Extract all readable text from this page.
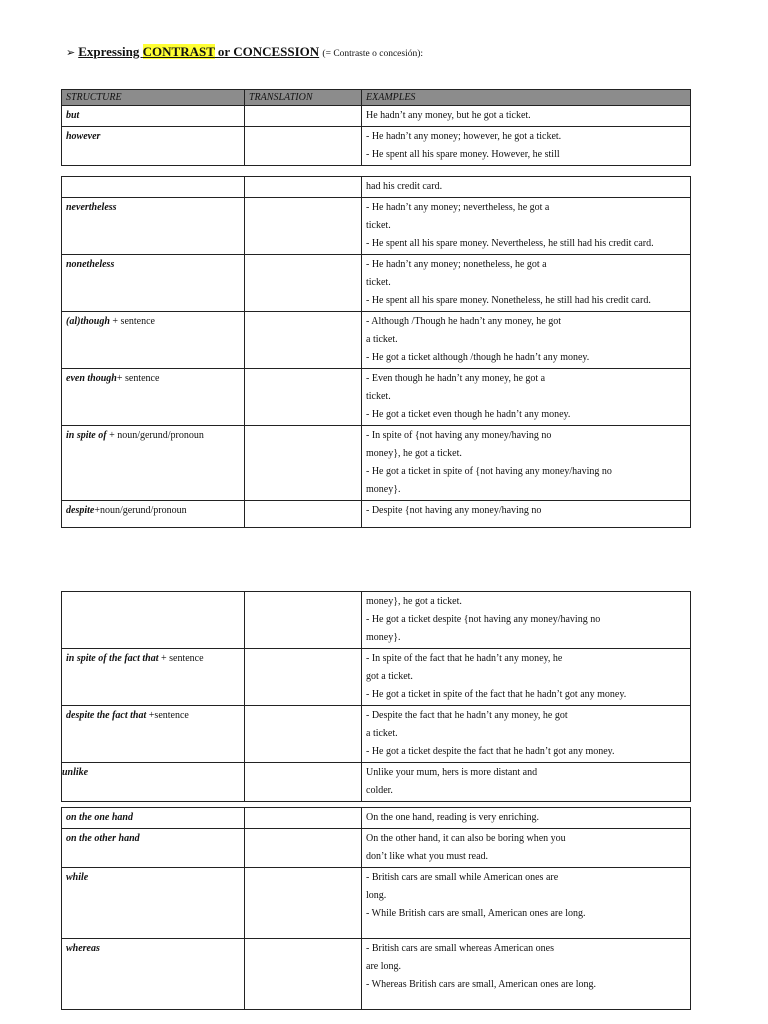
➢ Expressing CONTRAST or CONCESSION (= Contraste o concesión):
STRUCTURE	TRANSLATION	EXAMPLES
but		He hadn’t any money, but he got a ticket.
however		- He hadn’t any money; however, he got a ticket.
- He spent all his spare money. However, he still
		had his credit card.
nevertheless		- He hadn’t any money; nevertheless, he got a
ticket.
- He spent all his spare money. Nevertheless, he still had his credit card.
nonetheless		- He hadn’t any money; nonetheless, he got a
ticket.
- He spent all his spare money. Nonetheless, he still had his credit card.
(al)though + sentence		- Although /Though he hadn’t any money, he got
a ticket.
- He got a ticket although /though he hadn’t any money.
even though+ sentence		- Even though he hadn’t any money, he got a
ticket.
- He got a ticket even though he hadn’t any money.
in spite of + noun/gerund/pronoun		- In spite of {not having any money/having no
money}, he got a ticket.
- He got a ticket in spite of {not having any money/having no
money}.
despite+noun/gerund/pronoun		- Despite {not having any money/having no
		money}, he got a ticket.
- He got a ticket despite {not having any money/having no
money}.
in spite of the fact that + sentence		- In spite of the fact that he hadn’t any money, he
got a ticket.
- He got a ticket in spite of the fact that he hadn’t got any money.
despite the fact that +sentence		- Despite the fact that he hadn’t any money, he got
a ticket.
- He got a ticket despite the fact that he hadn’t got any money.
unlike		Unlike your mum, hers is more distant and
colder.
on the one hand		On the one hand, reading is very enriching.
on the other hand		On the other hand, it can also be boring when you
don’t like what you must read.
while		- British cars are small while American ones are
long.
- While British cars are small, American ones are long.
whereas		- British cars are small whereas American ones
are long.
- Whereas British cars are small, American ones are long.
